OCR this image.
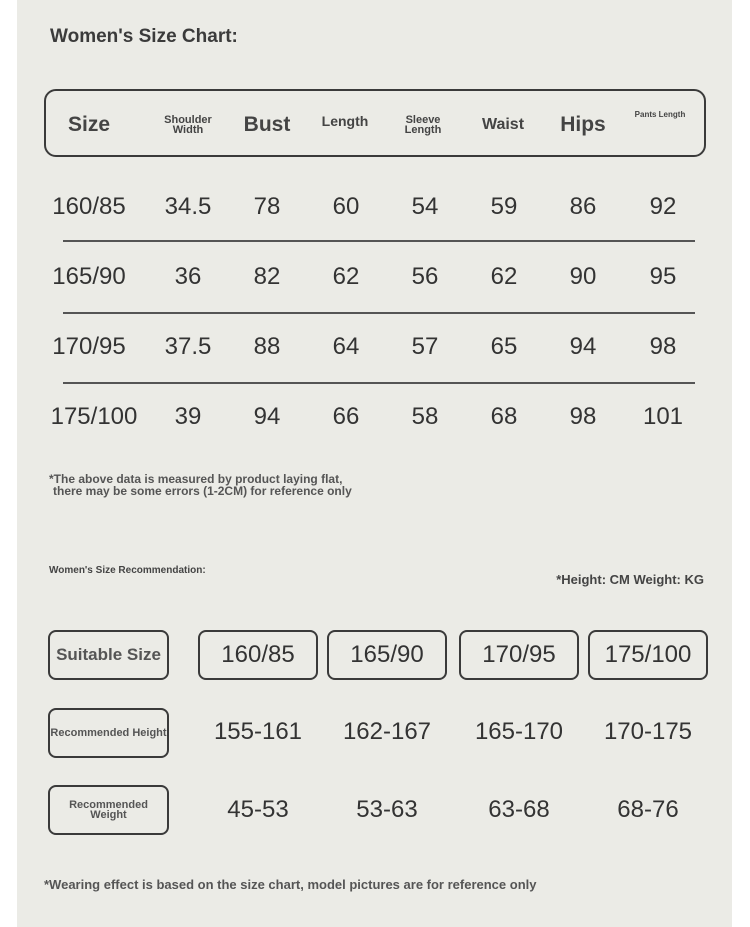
Women's Size Chart:
Size	Shoulder Width	Bust	Length	Sleeve Length	Waist	Hips	Pants Length
160/85	34.5	78	60	54	59	86	92
165/90	36	82	62	56	62	90	95
170/95	37.5	88	64	57	65	94	98
175/100	39	94	66	58	68	98	101
*The above data is measured by product laying flat,
there may be some errors (1-2CM) for reference only
Women's Size Recommendation:
*Height: CM Weight: KG
Suitable Size	160/85	165/90	170/95	175/100
Recommended Height	155-161	162-167	165-170	170-175
Recommended Weight	45-53	53-63	63-68	68-76
*Wearing effect is based on the size chart, model pictures are for reference only
